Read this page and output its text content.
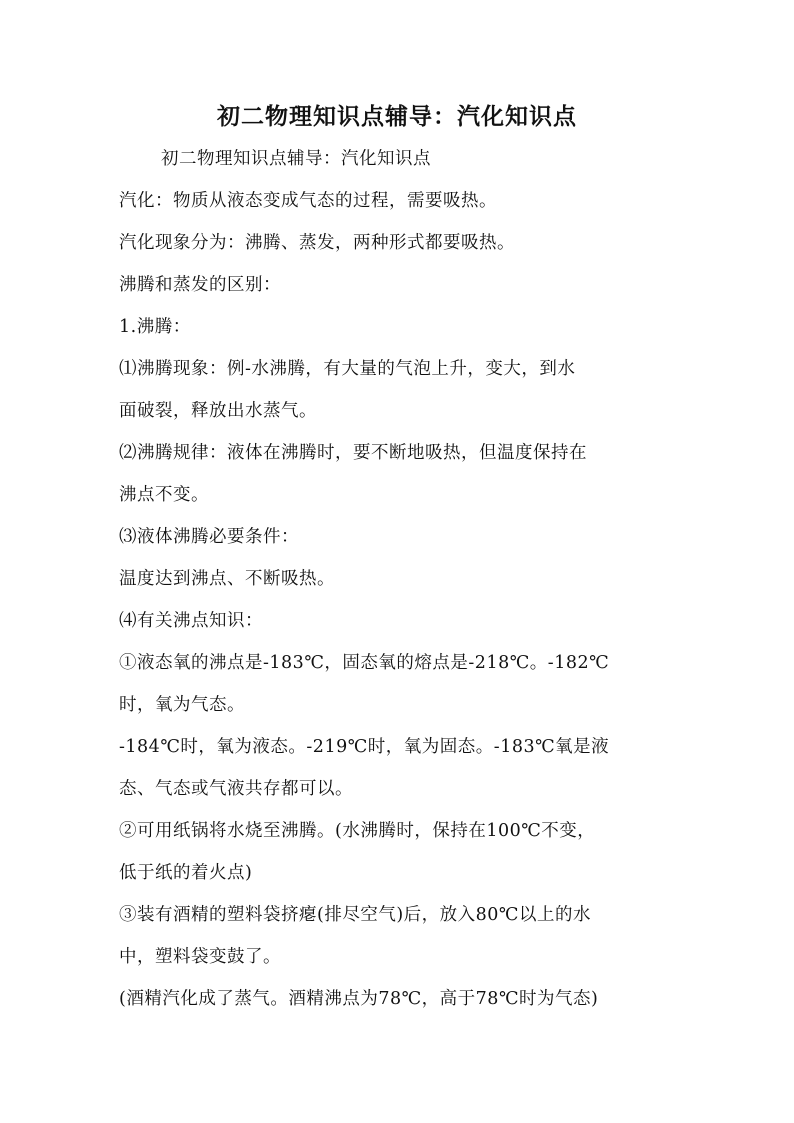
初二物理知识点辅导：汽化知识点
初二物理知识点辅导：汽化知识点
汽化：物质从液态变成气态的过程，需要吸热。
汽化现象分为：沸腾、蒸发，两种形式都要吸热。
沸腾和蒸发的区别：
1.沸腾：
⑴沸腾现象：例-水沸腾，有大量的气泡上升，变大，到水
面破裂，释放出水蒸气。
⑵沸腾规律：液体在沸腾时，要不断地吸热，但温度保持在
沸点不变。
⑶液体沸腾必要条件：
温度达到沸点、不断吸热。
⑷有关沸点知识：
①液态氧的沸点是-183℃，固态氧的熔点是-218℃。-182℃
时，氧为气态。
-184℃时，氧为液态。-219℃时，氧为固态。-183℃氧是液
态、气态或气液共存都可以。
②可用纸锅将水烧至沸腾。(水沸腾时，保持在100℃不变，
低于纸的着火点)
③装有酒精的塑料袋挤瘪(排尽空气)后，放入80℃以上的水
中，塑料袋变鼓了。
(酒精汽化成了蒸气。酒精沸点为78℃，高于78℃时为气态)
